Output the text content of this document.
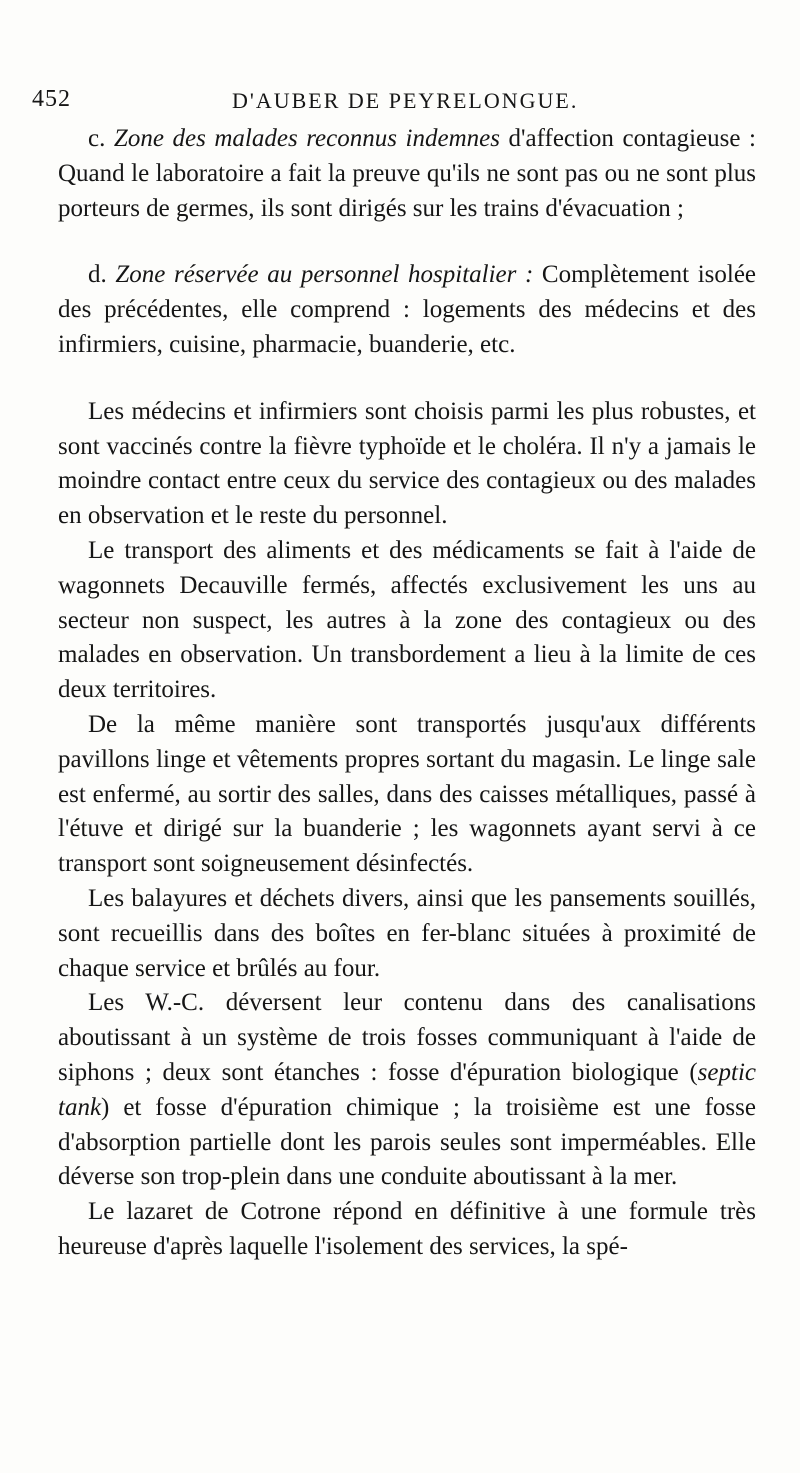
452	D'AUBER DE PEYRELONGUE.

c. Zone des malades reconnus indemnes d'affection contagieuse : Quand le laboratoire a fait la preuve qu'ils ne sont pas ou ne sont plus porteurs de germes, ils sont dirigés sur les trains d'évacuation ;

d. Zone réservée au personnel hospitalier : Complètement isolée des précédentes, elle comprend : logements des médecins et des infirmiers, cuisine, pharmacie, buanderie, etc.

Les médecins et infirmiers sont choisis parmi les plus robustes, et sont vaccinés contre la fièvre typhoïde et le choléra. Il n'y a jamais le moindre contact entre ceux du service des contagieux ou des malades en observation et le reste du personnel.

Le transport des aliments et des médicaments se fait à l'aide de wagonnets Decauville fermés, affectés exclusivement les uns au secteur non suspect, les autres à la zone des contagieux ou des malades en observation. Un transbordement a lieu à la limite de ces deux territoires.

De la même manière sont transportés jusqu'aux différents pavillons linge et vêtements propres sortant du magasin. Le linge sale est enfermé, au sortir des salles, dans des caisses métalliques, passé à l'étuve et dirigé sur la buanderie ; les wagonnets ayant servi à ce transport sont soigneusement désinfectés.

Les balayures et déchets divers, ainsi que les pansements souillés, sont recueillis dans des boîtes en fer-blanc situées à proximité de chaque service et brûlés au four.

Les W.-C. déversent leur contenu dans des canalisations aboutissant à un système de trois fosses communiquant à l'aide de siphons ; deux sont étanches : fosse d'épuration biologique (septic tank) et fosse d'épuration chimique ; la troisième est une fosse d'absorption partielle dont les parois seules sont imperméables. Elle déverse son trop-plein dans une conduite aboutissant à la mer.

Le lazaret de Cotrone répond en définitive à une formule très heureuse d'après laquelle l'isolement des services, la spé-
